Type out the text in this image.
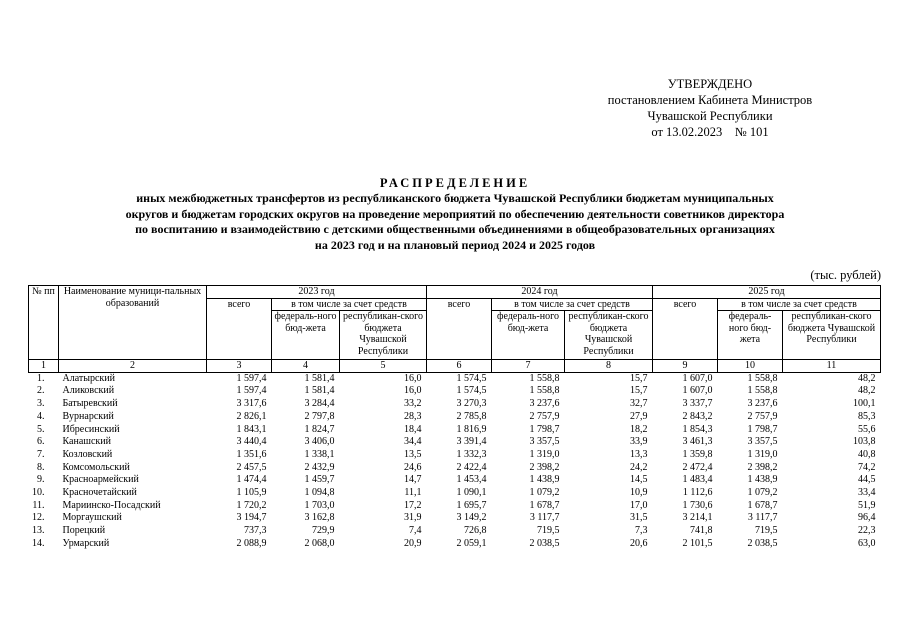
УТВЕРЖДЕНО
постановлением Кабинета Министров
Чувашской Республики
от 13.02.2023    № 101
РАСПРЕДЕЛЕНИЕ
иных межбюджетных трансфертов из республиканского бюджета Чувашской Республики бюджетам муниципальных
округов и бюджетам городских округов на проведение мероприятий по обеспечению деятельности советников директора
по воспитанию и взаимодействию с детскими общественными объединениями в общеобразовательных организациях
на 2023 год и на плановый период 2024 и 2025 годов
(тыс. рублей)
№ пп	Наименование муници-пальных образований	2023 год			2024 год			2025 год		
		всего	в том числе за счет средств		всего	в том числе за счет средств		всего	в том числе за счет средств	
			федераль-ного бюд-жета	республикан-ского бюджета Чувашской Республики		федераль-ного бюд-жета	республикан-ского бюджета Чувашской Республики		федераль-ного бюд-жета	республикан-ского бюджета Чувашской Республики
1	2	3	4	5	6	7	8	9	10	11
1.	Алатырский	1 597,4	1 581,4	16,0	1 574,5	1 558,8	15,7	1 607,0	1 558,8	48,2
2.	Аликовский	1 597,4	1 581,4	16,0	1 574,5	1 558,8	15,7	1 607,0	1 558,8	48,2
3.	Батыревский	3 317,6	3 284,4	33,2	3 270,3	3 237,6	32,7	3 337,7	3 237,6	100,1
4.	Вурнарский	2 826,1	2 797,8	28,3	2 785,8	2 757,9	27,9	2 843,2	2 757,9	85,3
5.	Ибресинский	1 843,1	1 824,7	18,4	1 816,9	1 798,7	18,2	1 854,3	1 798,7	55,6
6.	Канашский	3 440,4	3 406,0	34,4	3 391,4	3 357,5	33,9	3 461,3	3 357,5	103,8
7.	Козловский	1 351,6	1 338,1	13,5	1 332,3	1 319,0	13,3	1 359,8	1 319,0	40,8
8.	Комсомольский	2 457,5	2 432,9	24,6	2 422,4	2 398,2	24,2	2 472,4	2 398,2	74,2
9.	Красноармейский	1 474,4	1 459,7	14,7	1 453,4	1 438,9	14,5	1 483,4	1 438,9	44,5
10.	Красночетайский	1 105,9	1 094,8	11,1	1 090,1	1 079,2	10,9	1 112,6	1 079,2	33,4
11.	Мариинско-Посадский	1 720,2	1 703,0	17,2	1 695,7	1 678,7	17,0	1 730,6	1 678,7	51,9
12.	Моргаушский	3 194,7	3 162,8	31,9	3 149,2	3 117,7	31,5	3 214,1	3 117,7	96,4
13.	Порецкий	737,3	729,9	7,4	726,8	719,5	7,3	741,8	719,5	22,3
14.	Урмарский	2 088,9	2 068,0	20,9	2 059,1	2 038,5	20,6	2 101,5	2 038,5	63,0
